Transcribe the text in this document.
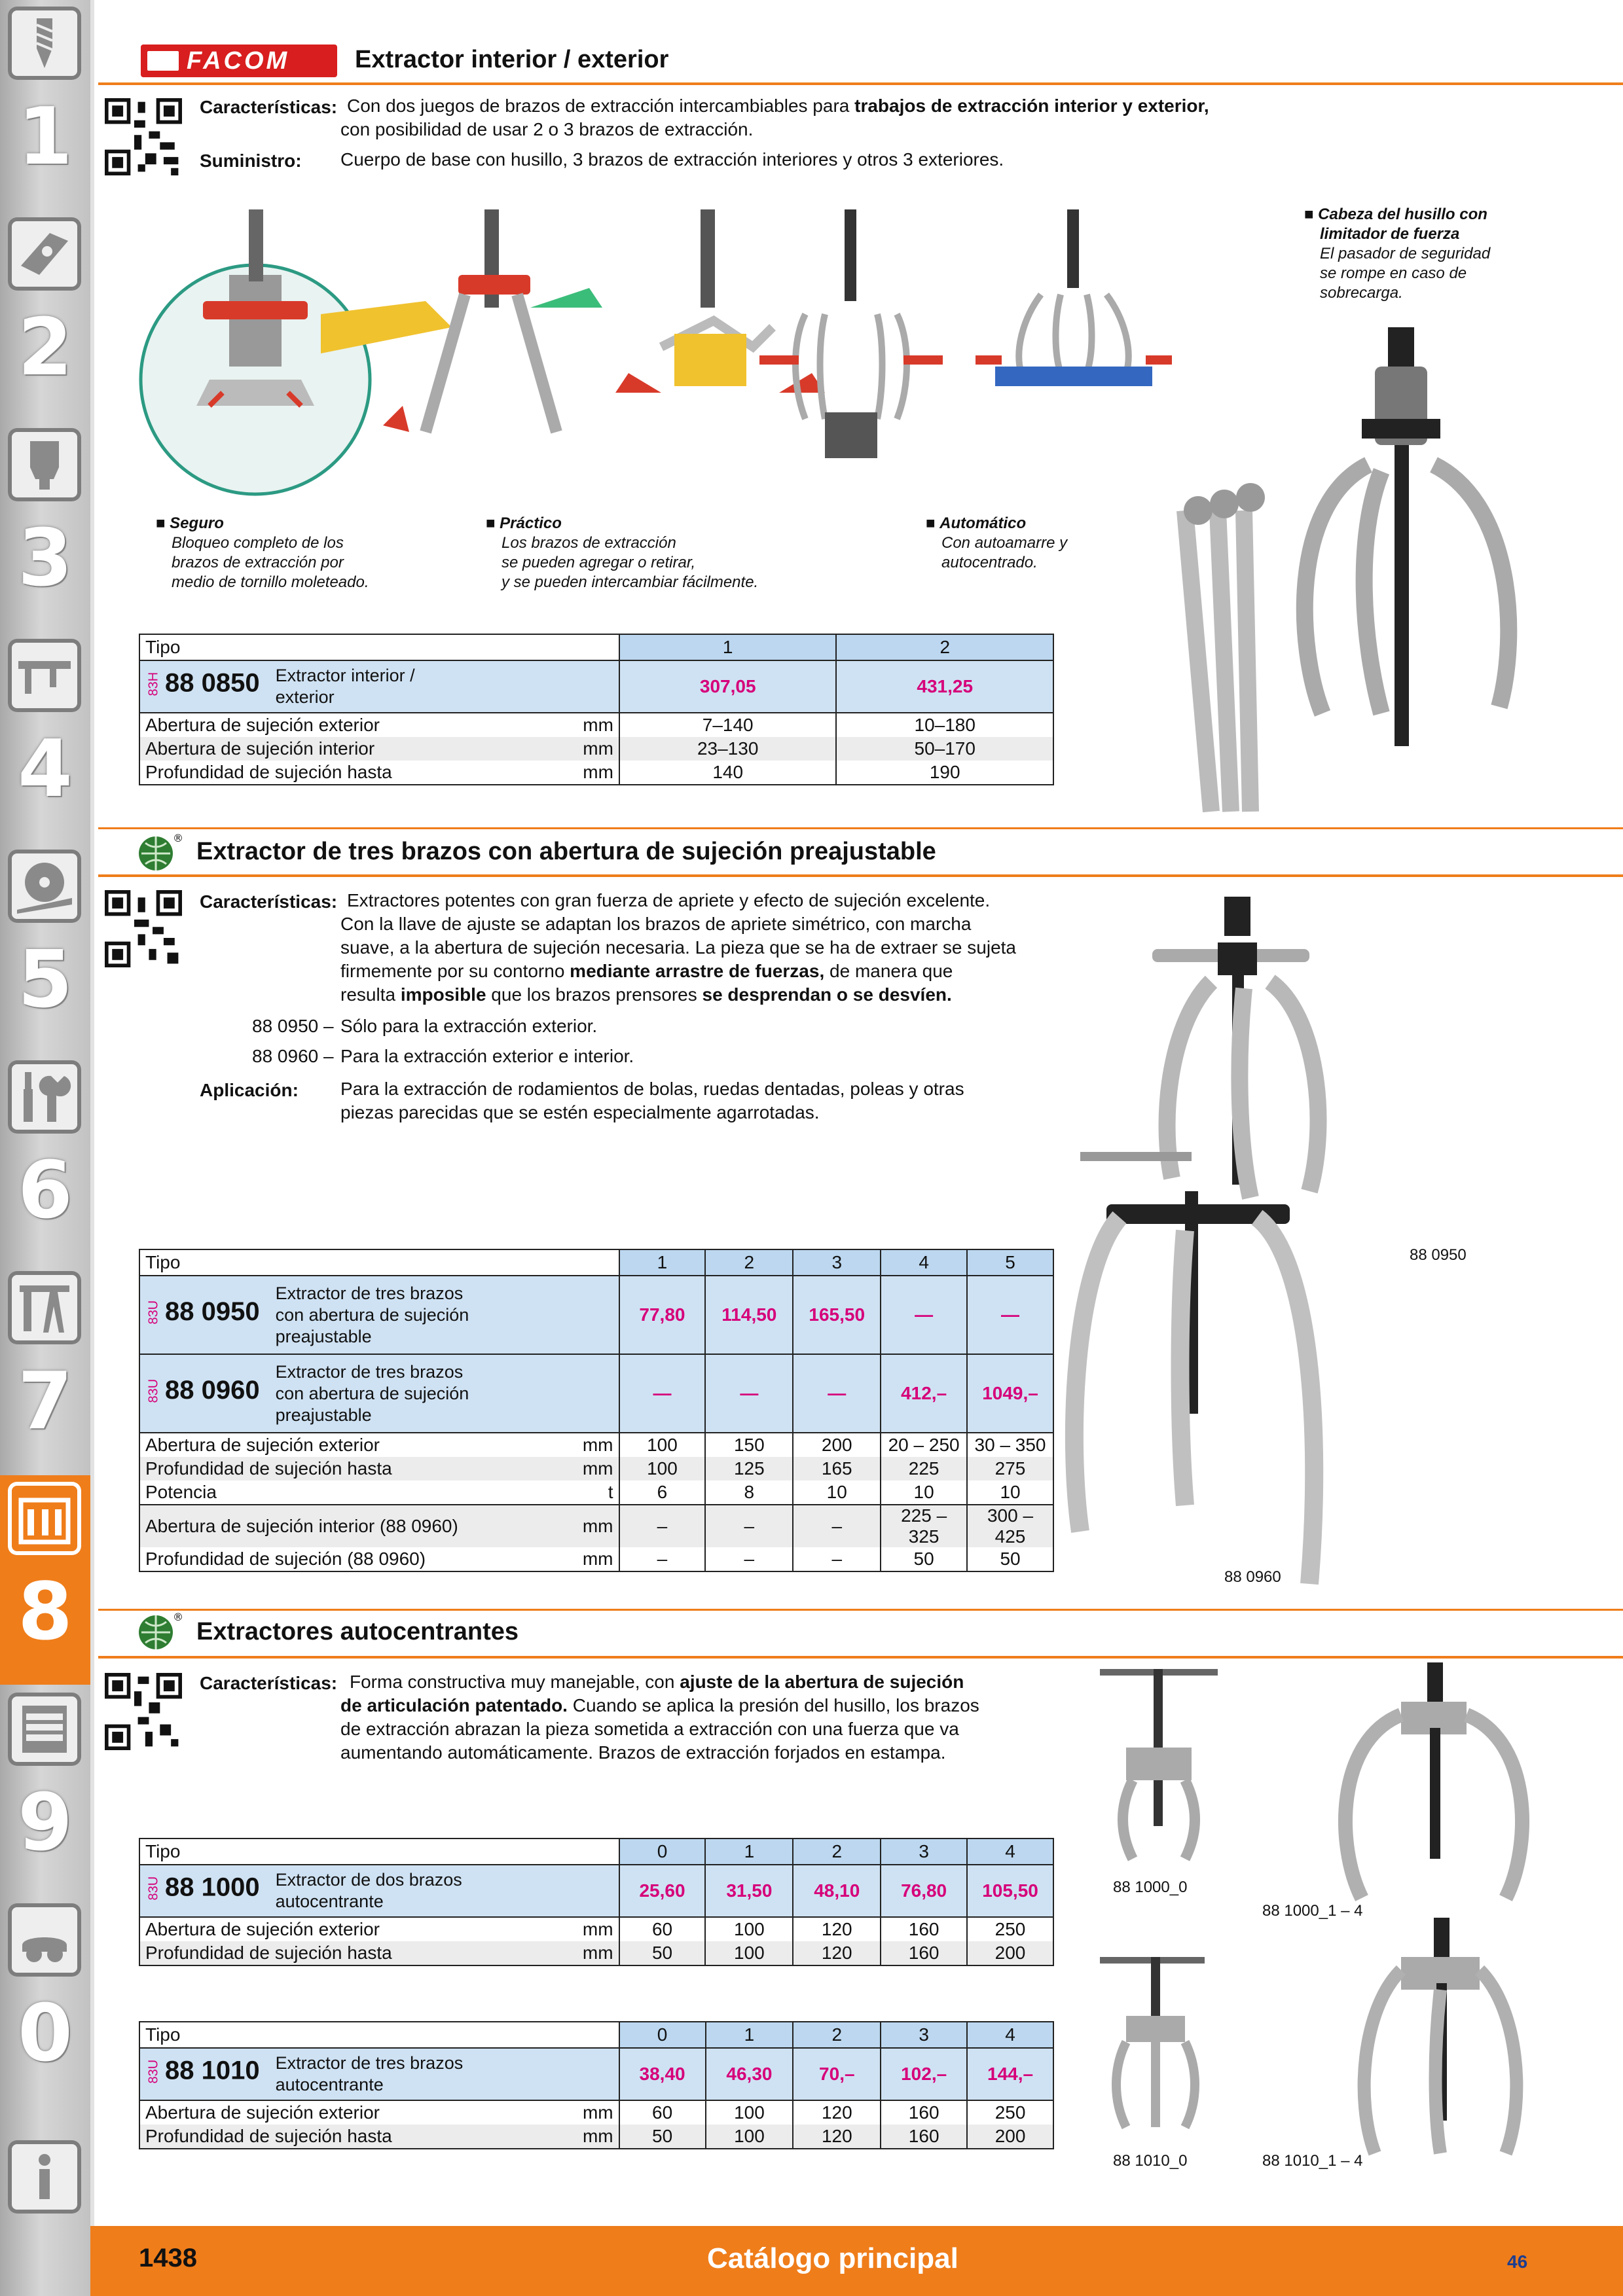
1
2
3
4
5
6
7
8
9
0
FACOM	Extractor interior / exterior
Características: Con dos juegos de brazos de extracción intercambiables para trabajos de extracción interior y exterior,
con posibilidad de usar 2 o 3 brazos de extracción.
Suministro: Cuerpo de base con husillo, 3 brazos de extracción interiores y otros 3 exteriores.
■ Seguro
Bloqueo completo de los
brazos de extracción por
medio de tornillo moleteado.
■ Práctico
Los brazos de extracción
se pueden agregar o retirar,
y se pueden intercambiar fácilmente.
■ Automático
Con autoamarre y
autocentrado.
■ Cabeza del husillo con
limitador de fuerza
El pasador de seguridad
se rompe en caso de
sobrecarga.
Tipo		1	2
83H 88 0850 Extractor interior /
exterior		307,05	431,25
Abertura de sujeción exterior	mm	7–140	10–180
Abertura de sujeción interior	mm	23–130	50–170
Profundidad de sujeción hasta	mm	140	190
® Extractor de tres brazos con abertura de sujeción preajustable
Características: Extractores potentes con gran fuerza de apriete y efecto de sujeción excelente.
Con la llave de ajuste se adaptan los brazos de apriete simétrico, con marcha
suave, a la abertura de sujeción necesaria. La pieza que se ha de extraer se sujeta
firmemente por su contorno mediante arrastre de fuerzas, de manera que
resulta imposible que los brazos prensores se desprendan o se desvíen.
88 0950 – Sólo para la extracción exterior.
88 0960 – Para la extracción exterior e interior.
Aplicación: Para la extracción de rodamientos de bolas, ruedas dentadas, poleas y otras
piezas parecidas que se estén especialmente agarrotadas.
88 0950
88 0960
Tipo		1	2	3	4	5
83U 88 0950Extractor de tres brazos
con abertura de sujeción
preajustable		77,80	114,50	165,50	—	—
83U 88 0960Extractor de tres brazos
con abertura de sujeción
preajustable		—	—	—	412,–	1049,–
Abertura de sujeción exterior	mm	100	150	200	20 – 250	30 – 350
Profundidad de sujeción hasta	mm	100	125	165	225	275
Potencia	t	6	8	10	10	10
Abertura de sujeción interior (88 0960)	mm	–	–	–	225 – 325	300 – 425
Profundidad de sujeción (88 0960)	mm	–	–	–	50	50
®
Extractores autocentrantes
Características: Forma constructiva muy manejable, con ajuste de la abertura de sujeción
de articulación patentado. Cuando se aplica la presión del husillo, los brazos
de extracción abrazan la pieza sometida a extracción con una fuerza que va
aumentando automáticamente. Brazos de extracción forjados en estampa.
88 1000_0
88 1000_1 – 4
88 1010_0	88 1010_1 – 4
Tipo		0	1	2	3	4
83U 88 1000 Extractor de dos brazos
autocentrante		25,60	31,50	48,10	76,80	105,50
Abertura de sujeción exterior	mm	60	100	120	160	250
Profundidad de sujeción hasta	mm	50	100	120	160	200
Tipo		0	1	2	3	4
83U 88 1010 Extractor de tres brazos
autocentrante		38,40	46,30	70,–	102,–	144,–
Abertura de sujeción exterior	mm	60	100	120	160	250
Profundidad de sujeción hasta	mm	50	100	120	160	200
1438	Catálogo principal	46
